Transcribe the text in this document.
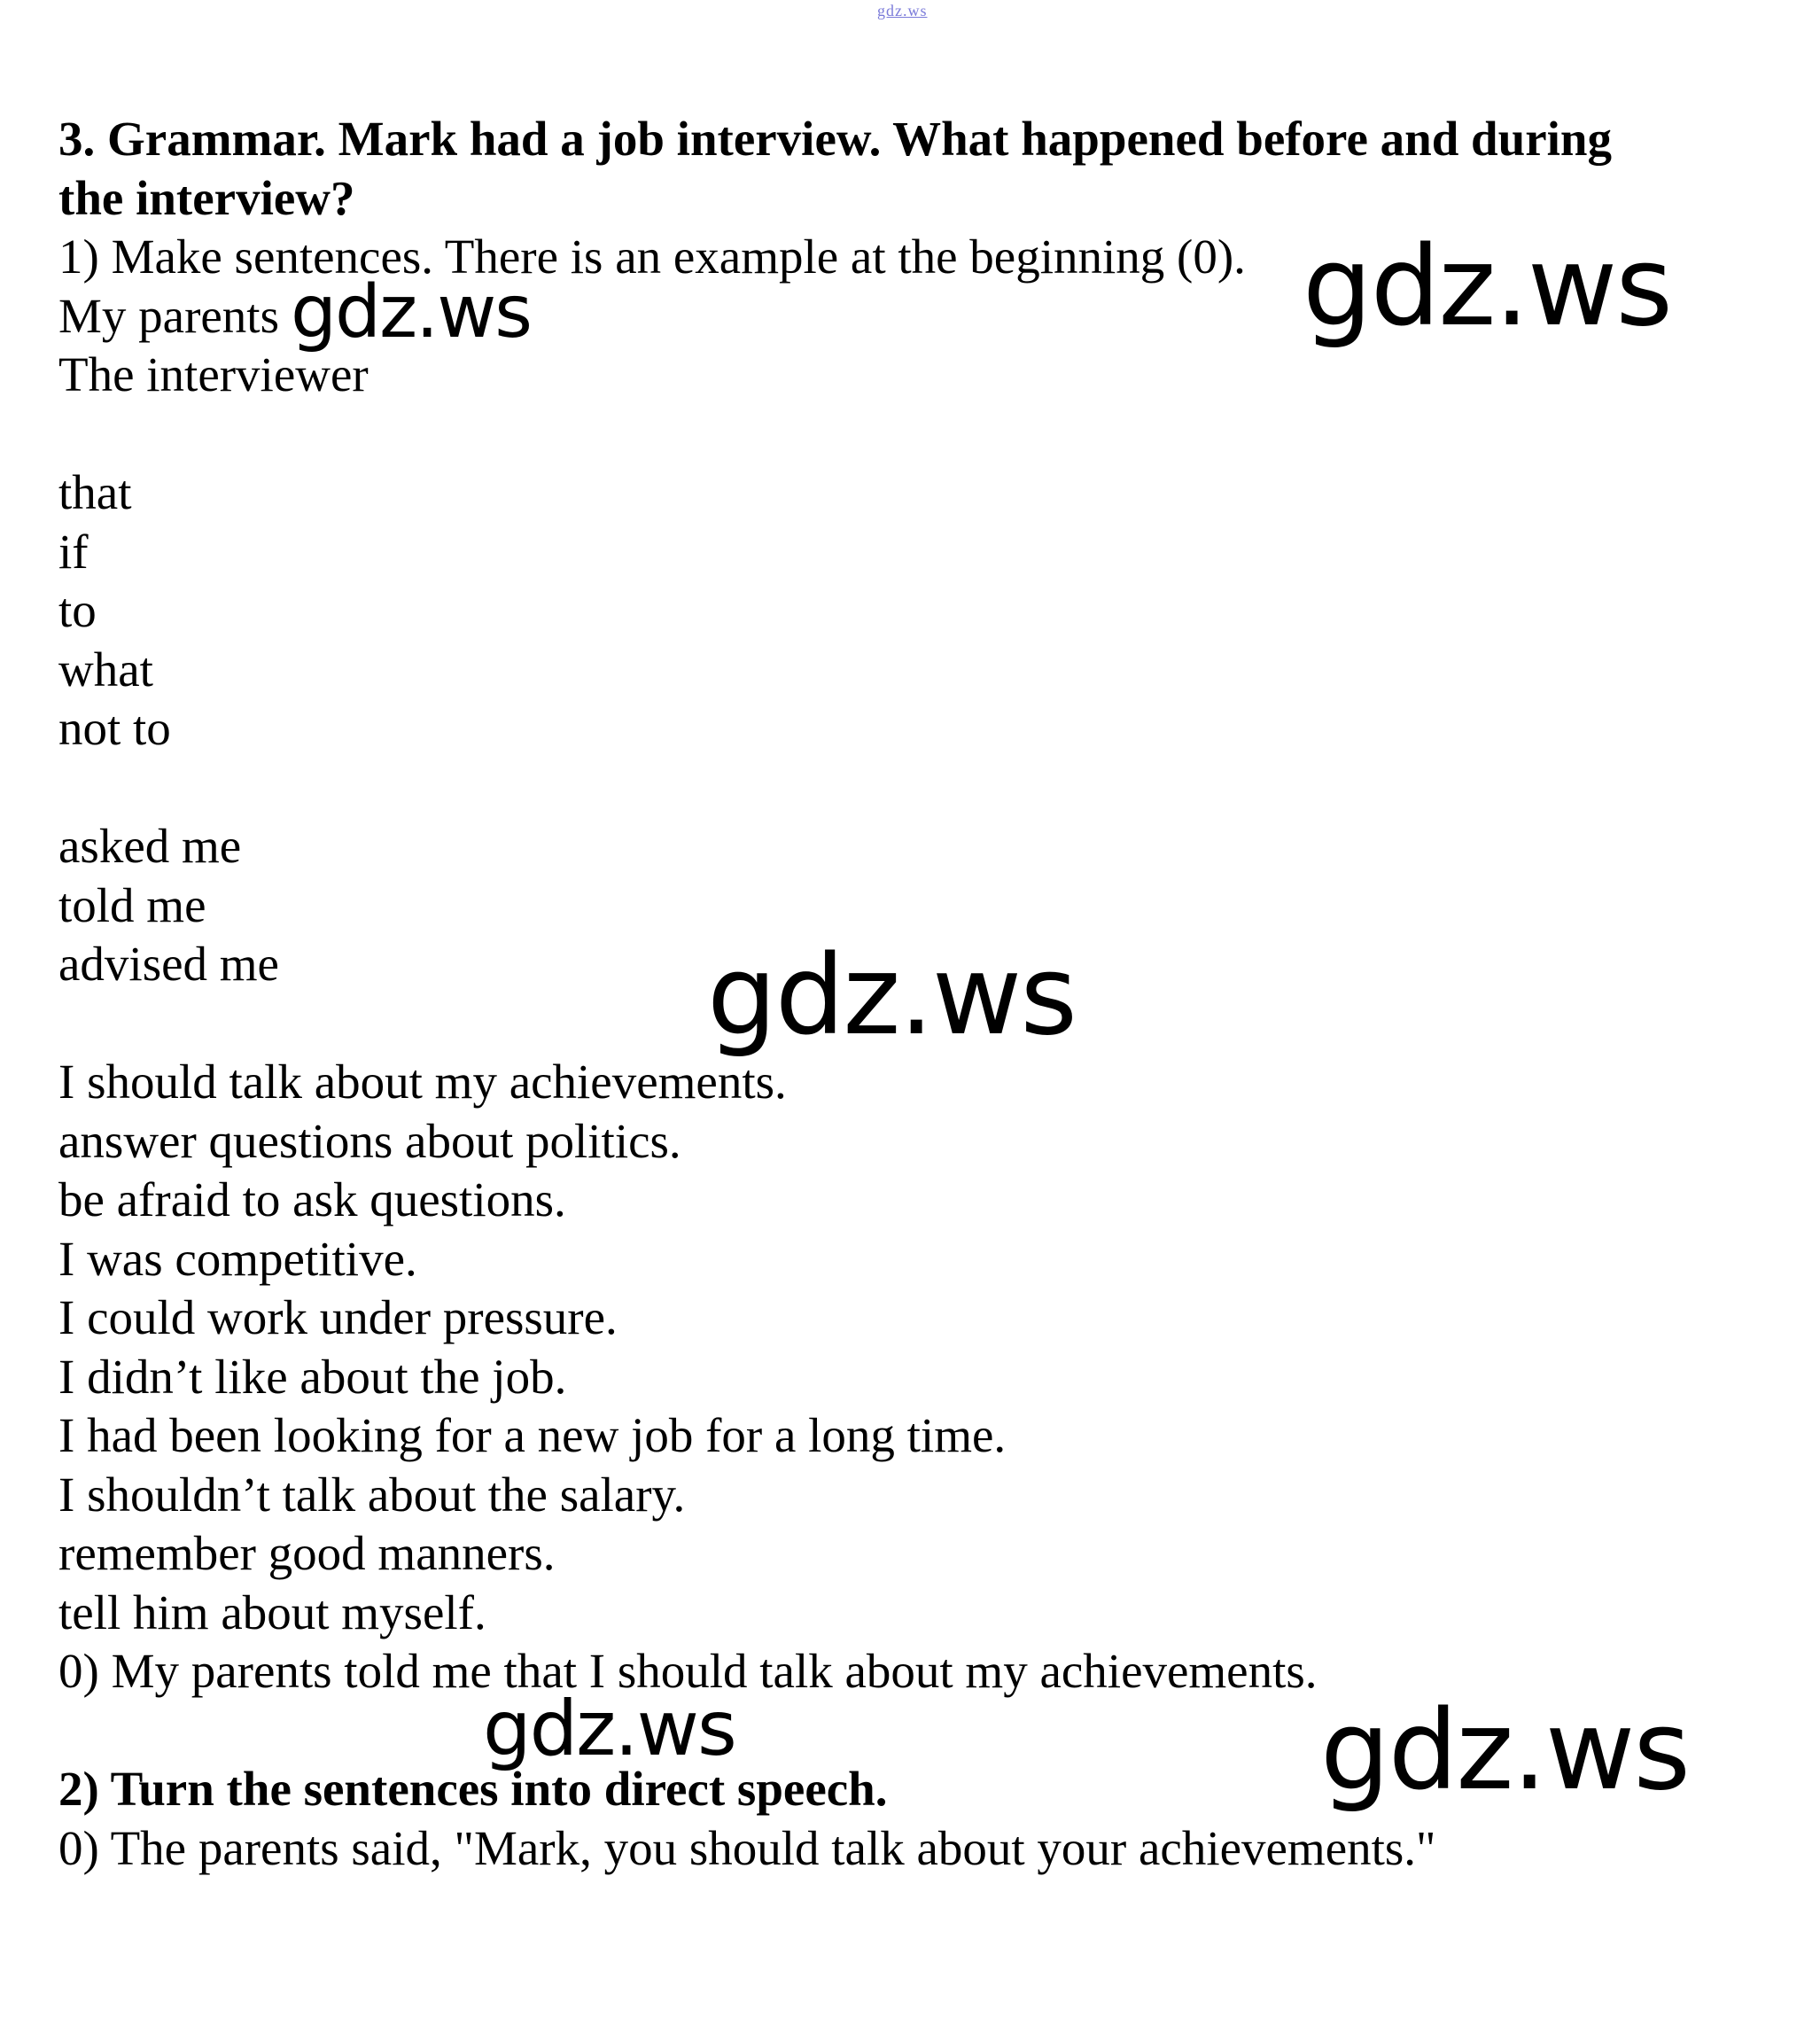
gdz.ws
3. Grammar. Mark had a job interview. What happened before and during
the interview?
1) Make sentences. There is an example at the beginning (0).
My parents
The interviewer
that
if
to
what
not to
asked me
told me
advised me
I should talk about my achievements.
answer questions about politics.
be afraid to ask questions.
I was competitive.
I could work under pressure.
I didn’t like about the job.
I had been looking for a new job for a long time.
I shouldn’t talk about the salary.
remember good manners.
tell him about myself.
0) My parents told me that I should talk about my achievements.
2) Turn the sentences into direct speech.
0) The parents said, "Mark, you should talk about your achievements."
gdz.ws
gdz.ws
gdz.ws
gdz.ws	gdz.ws
